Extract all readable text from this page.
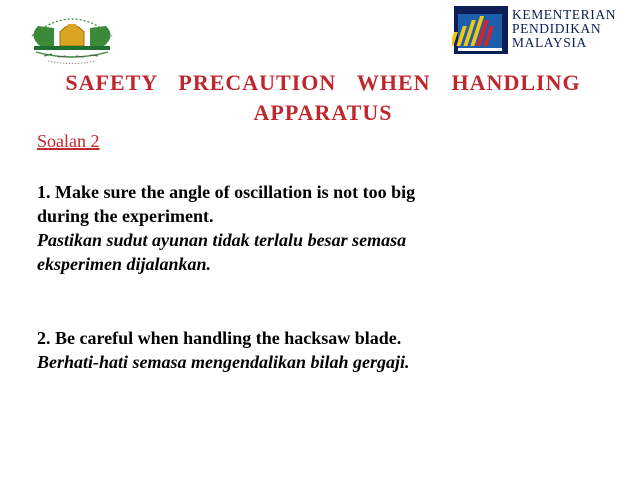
KEMENTERIAN
PENDIDIKAN
MALAYSIA
SAFETY  PRECAUTION  WHEN  HANDLING
APPARATUS
Soalan 2
1. Make sure the angle of oscillation is not too big
during the experiment.
Pastikan sudut ayunan tidak terlalu besar semasa
eksperimen dijalankan.
2. Be careful when handling the hacksaw blade.
Berhati-hati semasa mengendalikan bilah gergaji.
